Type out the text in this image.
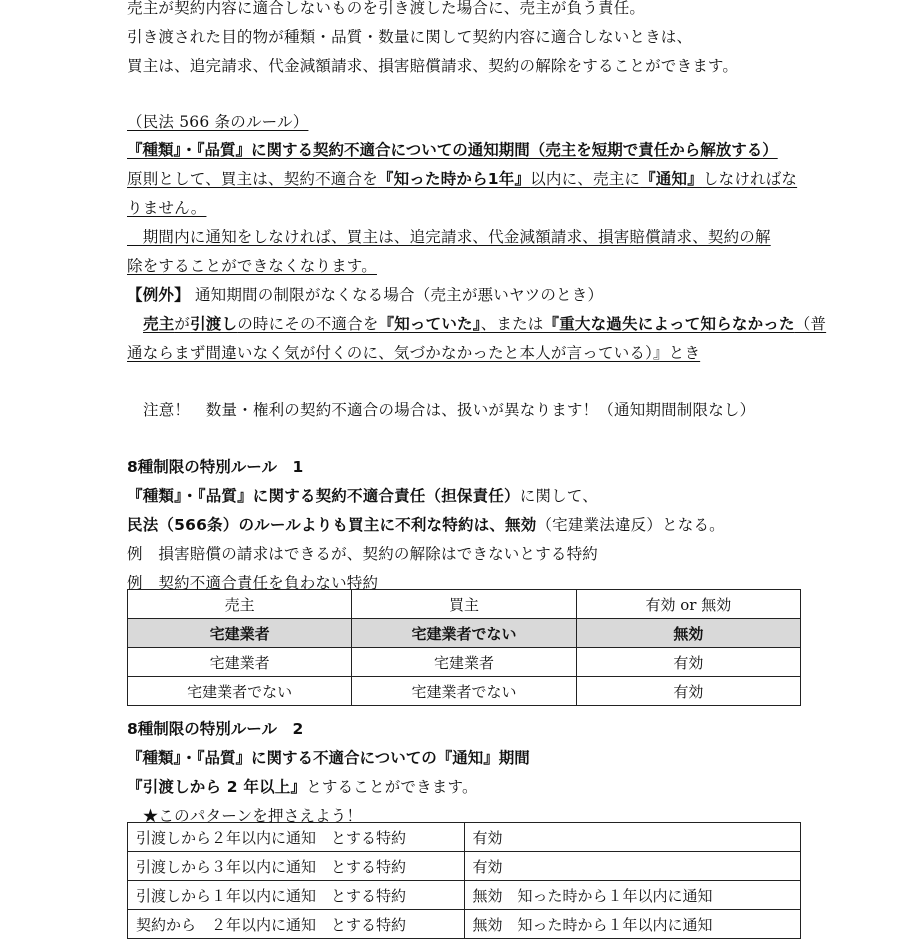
売主が契約内容に適合しないものを引き渡した場合に、売主が負う責任。
引き渡された目的物が種類・品質・数量に関して契約内容に適合しないときは、
買主は、追完請求、代金減額請求、損害賠償請求、契約の解除をすることができます。
（民法 566 条のルール）
『種類』・『品質』に関する契約不適合についての通知期間（売主を短期で責任から解放する）
原則として、買主は、契約不適合を『知った時から1年』以内に、売主に『通知』しなければな
りません。
　期間内に通知をしなければ、買主は、追完請求、代金減額請求、損害賠償請求、契約の解
除をすることができなくなります。
【例外】 通知期間の制限がなくなる場合（売主が悪いヤツのとき）
売主が引渡しの時にその不適合を『知っていた』、または『重大な過失によって知らなかった（普
通ならまず間違いなく気が付くのに、気づかなかったと本人が言っている）』とき
注意！　数量・権利の契約不適合の場合は、扱いが異なります！（通知期間制限なし）
8種制限の特別ルール　1
『種類』・『品質』に関する契約不適合責任（担保責任）に関して、
民法（566条）のルールよりも買主に不利な特約は、無効（宅建業法違反）となる。
例　損害賠償の請求はできるが、契約の解除はできないとする特約
例　契約不適合責任を負わない特約
売主	買主	有効 or 無効
宅建業者	宅建業者でない	無効
宅建業者	宅建業者	有効
宅建業者でない	宅建業者でない	有効
8種制限の特別ルール　2
『種類』・『品質』に関する不適合についての『通知』期間
『引渡しから 2 年以上』とすることができます。
　★このパターンを押さえよう！
引渡しから２年以内に通知　とする特約	有効
引渡しから３年以内に通知　とする特約	有効
引渡しから１年以内に通知　とする特約	無効　知った時から１年以内に通知
契約から　２年以内に通知　とする特約	無効　知った時から１年以内に通知
